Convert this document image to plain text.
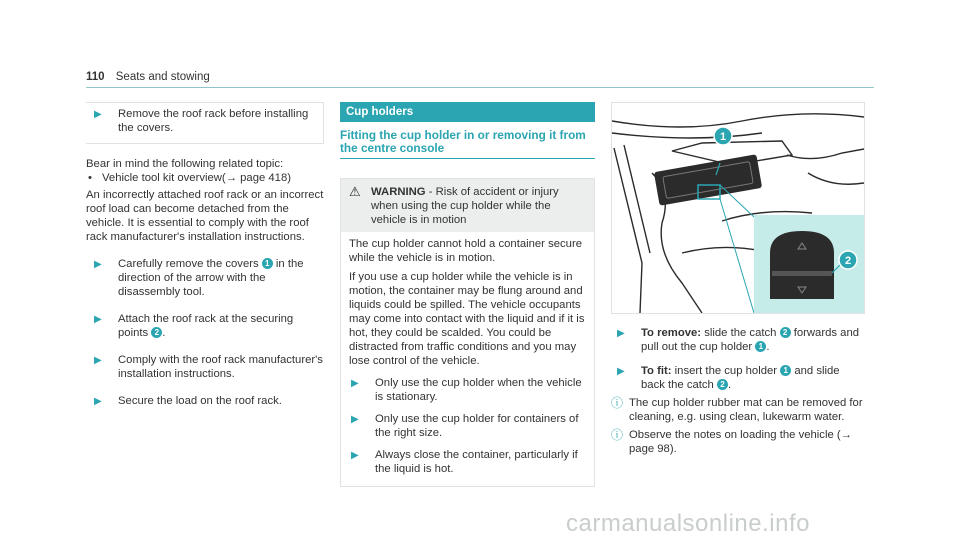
110 Seats and stowing
▶	Remove the roof rack before installing the covers.

Bear in mind the following related topic:

• Vehicle tool kit overview(→ page 418)

An incorrectly attached roof rack or an incorrect roof load can become detached from the vehicle. It is essential to comply with the roof rack manufacturer's installation instructions.

▶	Carefully remove the covers 1 in the direction of the arrow with the disassembly tool.
▶	Attach the roof rack at the securing points 2 .
▶	Comply with the roof rack manufacturer's installation instructions.
▶	Secure the load on the roof rack.
Cup holders
Fitting the cup holder in or removing it from the centre console
⚠ WARNING - Risk of accident or injury when using the cup holder while the vehicle is in motion

The cup holder cannot hold a container secure while the vehicle is in motion.

If you use a cup holder while the vehicle is in motion, the container may be flung around and liquids could be spilled. The vehicle occupants may come into contact with the liquid and if it is hot, they could be scalded. You could be distracted from traffic conditions and you may lose control of the vehicle.

▶	Only use the cup holder when the vehicle is stationary.
▶	Only use the cup holder for containers of the right size.
▶	Always close the container, particularly if the liquid is hot.
1
2
▶	To remove: slide the catch 2 forwards and pull out the cup holder 1 .
▶	To fit: insert the cup holder 1 and slide back the catch 2 .
ⓘ The cup holder rubber mat can be removed for cleaning, e.g. using clean, lukewarm water.
ⓘ Observe the notes on loading the vehicle (→ page 98).
carmanualsonline.info
